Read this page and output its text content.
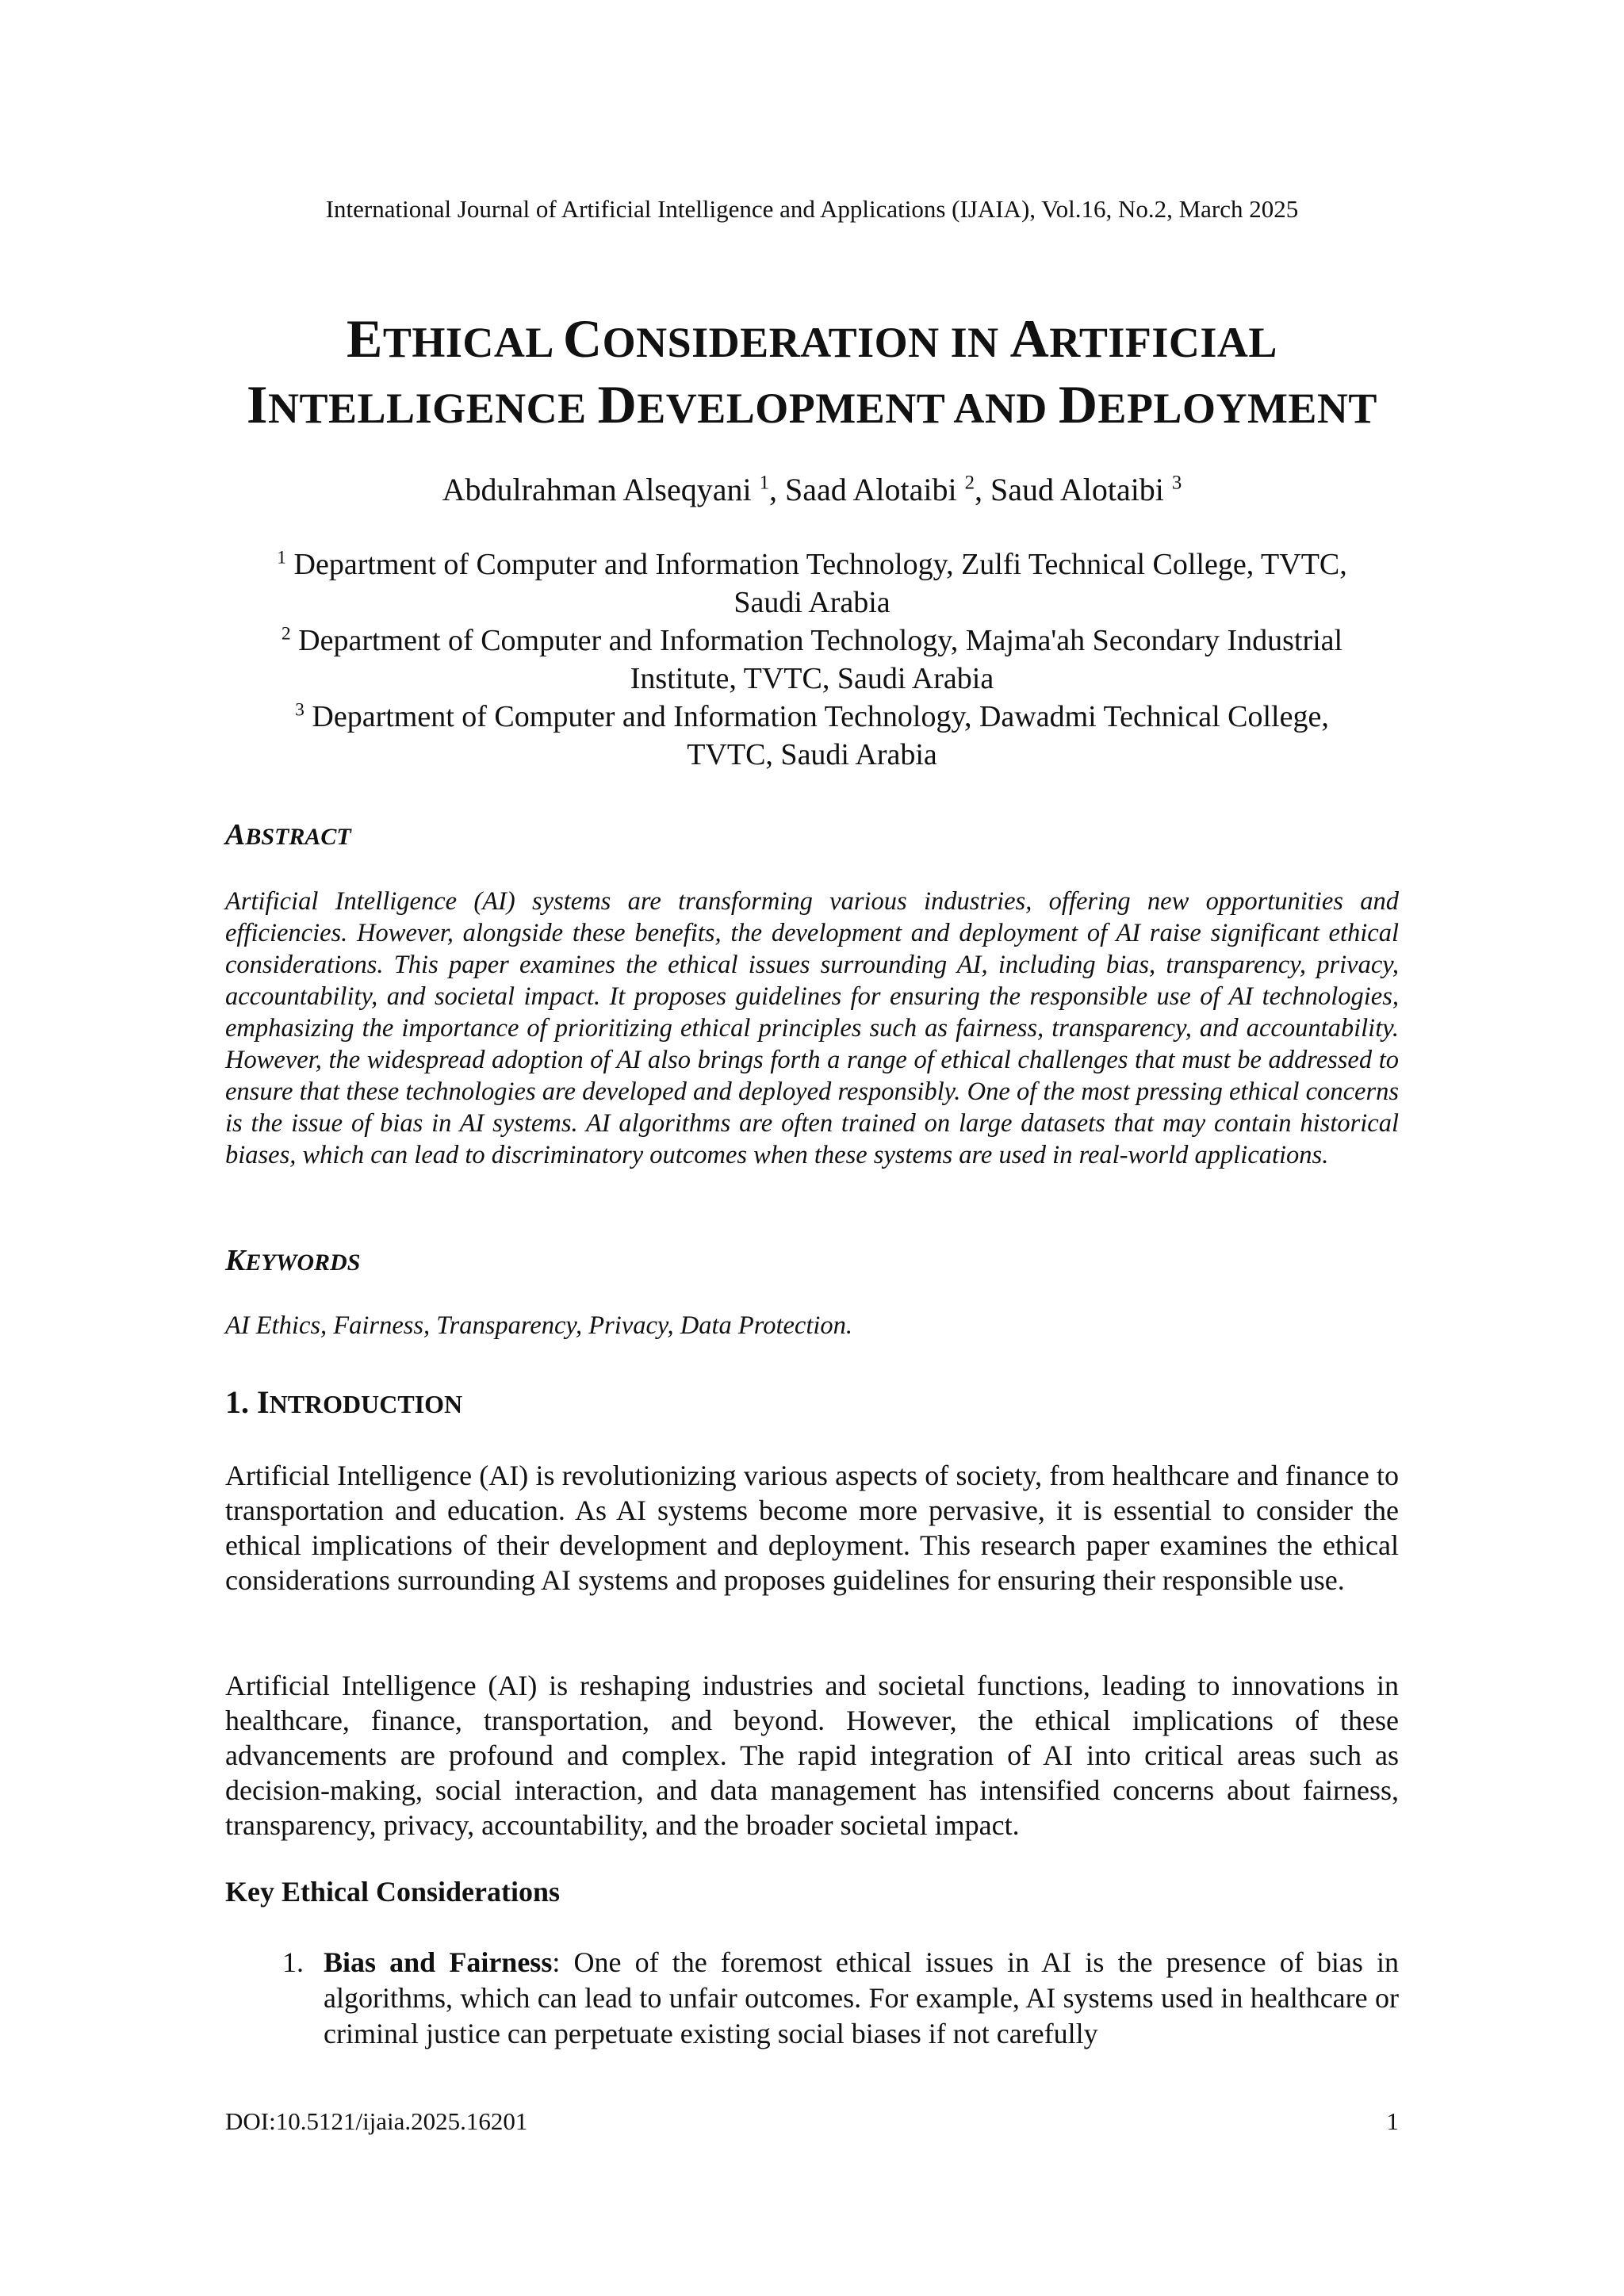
International Journal of Artificial Intelligence and Applications (IJAIA), Vol.16, No.2, March 2025
ETHICAL CONSIDERATION IN ARTIFICIAL
INTELLIGENCE DEVELOPMENT AND DEPLOYMENT
Abdulrahman Alseqyani $^1$, Saad Alotaibi $^2$, Saud Alotaibi $^3$
$^1$ Department of Computer and Information Technology, Zulfi Technical College, TVTC,
Saudi Arabia
$^2$ Department of Computer and Information Technology, Majma'ah Secondary Industrial
Institute, TVTC, Saudi Arabia
$^3$ Department of Computer and Information Technology, Dawadmi Technical College,
TVTC, Saudi Arabia
ABSTRACT

Artificial Intelligence (AI) systems are transforming various industries, offering new opportunities and efficiencies. However, alongside these benefits, the development and deployment of AI raise significant ethical considerations. This paper examines the ethical issues surrounding AI, including bias, transparency, privacy, accountability, and societal impact. It proposes guidelines for ensuring the responsible use of AI technologies, emphasizing the importance of prioritizing ethical principles such as fairness, transparency, and accountability. However, the widespread adoption of AI also brings forth a range of ethical challenges that must be addressed to ensure that these technologies are developed and deployed responsibly. One of the most pressing ethical concerns is the issue of bias in AI systems. AI algorithms are often trained on large datasets that may contain historical biases, which can lead to discriminatory outcomes when these systems are used in real-world applications.

KEYWORDS

AI Ethics, Fairness, Transparency, Privacy, Data Protection.

1. INTRODUCTION

Artificial Intelligence (AI) is revolutionizing various aspects of society, from healthcare and finance to transportation and education. As AI systems become more pervasive, it is essential to consider the ethical implications of their development and deployment. This research paper examines the ethical considerations surrounding AI systems and proposes guidelines for ensuring their responsible use.

Artificial Intelligence (AI) is reshaping industries and societal functions, leading to innovations in healthcare, finance, transportation, and beyond. However, the ethical implications of these advancements are profound and complex. The rapid integration of AI into critical areas such as decision-making, social interaction, and data management has intensified concerns about fairness, transparency, privacy, accountability, and the broader societal impact.

Key Ethical Considerations
1. Bias and Fairness: One of the foremost ethical issues in AI is the presence of bias in algorithms, which can lead to unfair outcomes. For example, AI systems used in healthcare or criminal justice can perpetuate existing social biases if not carefully
DOI:10.5121/ijaia.2025.16201	1
